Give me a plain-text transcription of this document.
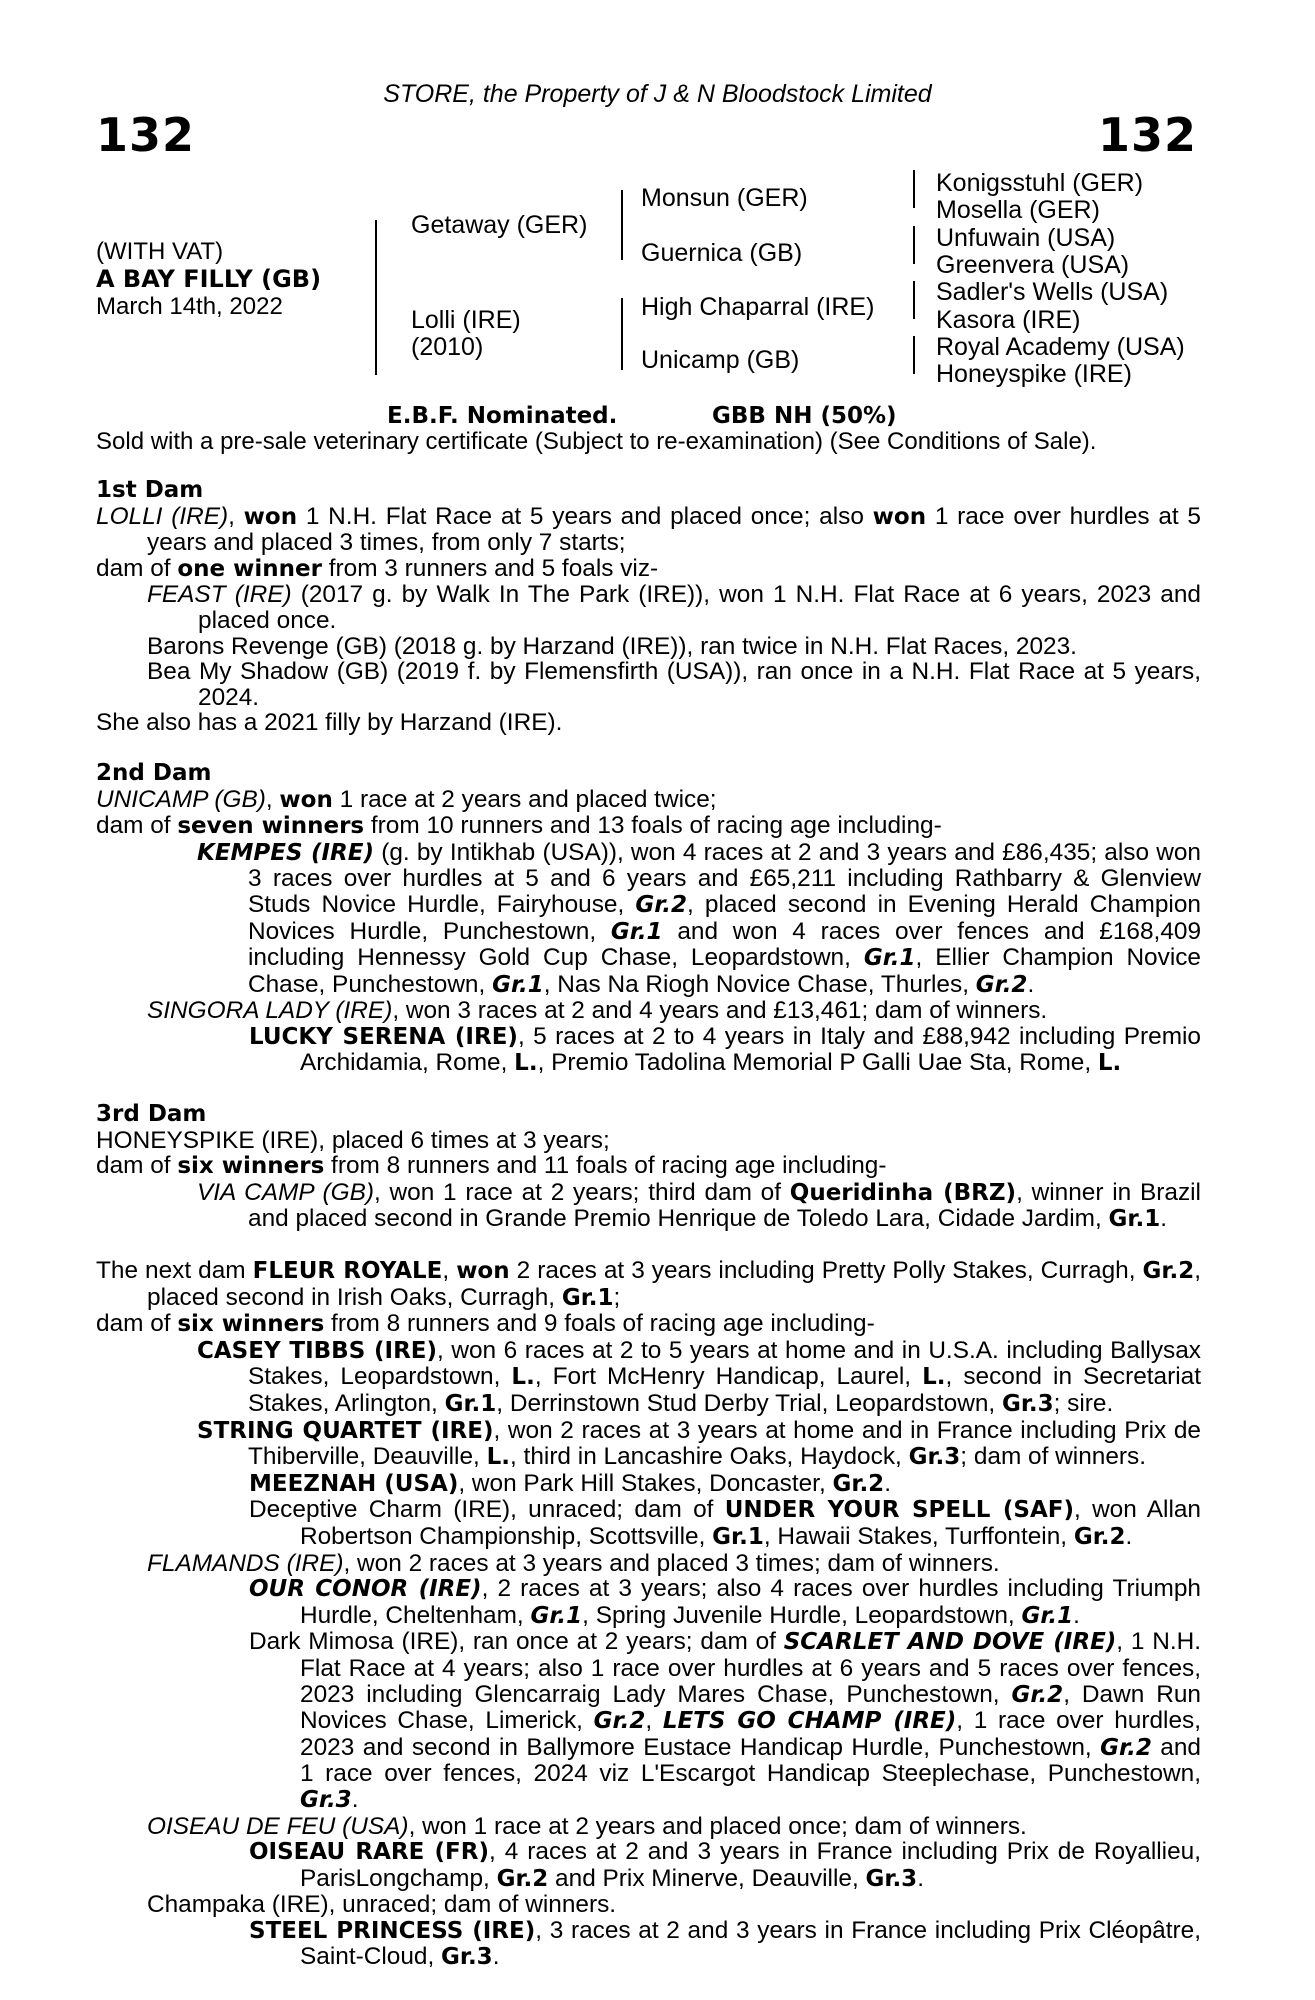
STORE, the Property of J & N Bloodstock Limited
132	132
(WITH VAT)
A BAY FILLY (GB)
March 14th, 2022
Getaway (GER)
Lolli (IRE)
(2010)
Monsun (GER)
Guernica (GB)
High Chaparral (IRE)
Unicamp (GB)
Konigsstuhl (GER)
Mosella (GER)
Unfuwain (USA)
Greenvera (USA)
Sadler's Wells (USA)
Kasora (IRE)
Royal Academy (USA)
Honeyspike (IRE)
E.B.F. Nominated.	GBB NH (50%)
Sold with a pre-sale veterinary certificate (Subject to re-examination) (See Conditions of Sale).

1st Dam

LOLLI (IRE), won 1 N.H. Flat Race at 5 years and placed once; also won 1 race over hurdles at 5 years and placed 3 times, from only 7 starts;

dam of one winner from 3 runners and 5 foals viz-

FEAST (IRE) (2017 g. by Walk In The Park (IRE)), won 1 N.H. Flat Race at 6 years, 2023 and placed once.

Barons Revenge (GB) (2018 g. by Harzand (IRE)), ran twice in N.H. Flat Races, 2023.

Bea My Shadow (GB) (2019 f. by Flemensfirth (USA)), ran once in a N.H. Flat Race at 5 years, 2024.

She also has a 2021 filly by Harzand (IRE).

2nd Dam

UNICAMP (GB), won 1 race at 2 years and placed twice;

dam of seven winners from 10 runners and 13 foals of racing age including-

KEMPES (IRE) (g. by Intikhab (USA)), won 4 races at 2 and 3 years and £86,435; also won 3 races over hurdles at 5 and 6 years and £65,211 including Rathbarry & Glenview Studs Novice Hurdle, Fairyhouse, Gr.2, placed second in Evening Herald Champion Novices Hurdle, Punchestown, Gr.1 and won 4 races over fences and £168,409 including Hennessy Gold Cup Chase, Leopardstown, Gr.1, Ellier Champion Novice Chase, Punchestown, Gr.1, Nas Na Riogh Novice Chase, Thurles, Gr.2.

SINGORA LADY (IRE), won 3 races at 2 and 4 years and £13,461; dam of winners.

LUCKY SERENA (IRE), 5 races at 2 to 4 years in Italy and £88,942 including Premio Archidamia, Rome, L., Premio Tadolina Memorial P Galli Uae Sta, Rome, L.

3rd Dam

HONEYSPIKE (IRE), placed 6 times at 3 years;

dam of six winners from 8 runners and 11 foals of racing age including-

VIA CAMP (GB), won 1 race at 2 years; third dam of Queridinha (BRZ), winner in Brazil and placed second in Grande Premio Henrique de Toledo Lara, Cidade Jardim, Gr.1.

The next dam FLEUR ROYALE, won 2 races at 3 years including Pretty Polly Stakes, Curragh, Gr.2, placed second in Irish Oaks, Curragh, Gr.1;

dam of six winners from 8 runners and 9 foals of racing age including-

CASEY TIBBS (IRE), won 6 races at 2 to 5 years at home and in U.S.A. including Ballysax Stakes, Leopardstown, L., Fort McHenry Handicap, Laurel, L., second in Secretariat Stakes, Arlington, Gr.1, Derrinstown Stud Derby Trial, Leopardstown, Gr.3; sire.

STRING QUARTET (IRE), won 2 races at 3 years at home and in France including Prix de Thiberville, Deauville, L., third in Lancashire Oaks, Haydock, Gr.3; dam of winners.

MEEZNAH (USA), won Park Hill Stakes, Doncaster, Gr.2.

Deceptive Charm (IRE), unraced; dam of UNDER YOUR SPELL (SAF), won Allan Robertson Championship, Scottsville, Gr.1, Hawaii Stakes, Turffontein, Gr.2.

FLAMANDS (IRE), won 2 races at 3 years and placed 3 times; dam of winners.

OUR CONOR (IRE), 2 races at 3 years; also 4 races over hurdles including Triumph Hurdle, Cheltenham, Gr.1, Spring Juvenile Hurdle, Leopardstown, Gr.1.

Dark Mimosa (IRE), ran once at 2 years; dam of SCARLET AND DOVE (IRE), 1 N.H. Flat Race at 4 years; also 1 race over hurdles at 6 years and 5 races over fences, 2023 including Glencarraig Lady Mares Chase, Punchestown, Gr.2, Dawn Run Novices Chase, Limerick, Gr.2, LETS GO CHAMP (IRE), 1 race over hurdles, 2023 and second in Ballymore Eustace Handicap Hurdle, Punchestown, Gr.2 and 1 race over fences, 2024 viz L'Escargot Handicap Steeplechase, Punchestown, Gr.3.

OISEAU DE FEU (USA), won 1 race at 2 years and placed once; dam of winners.

OISEAU RARE (FR), 4 races at 2 and 3 years in France including Prix de Royallieu, ParisLongchamp, Gr.2 and Prix Minerve, Deauville, Gr.3.

Champaka (IRE), unraced; dam of winners.

STEEL PRINCESS (IRE), 3 races at 2 and 3 years in France including Prix Cléopâtre, Saint-Cloud, Gr.3.
